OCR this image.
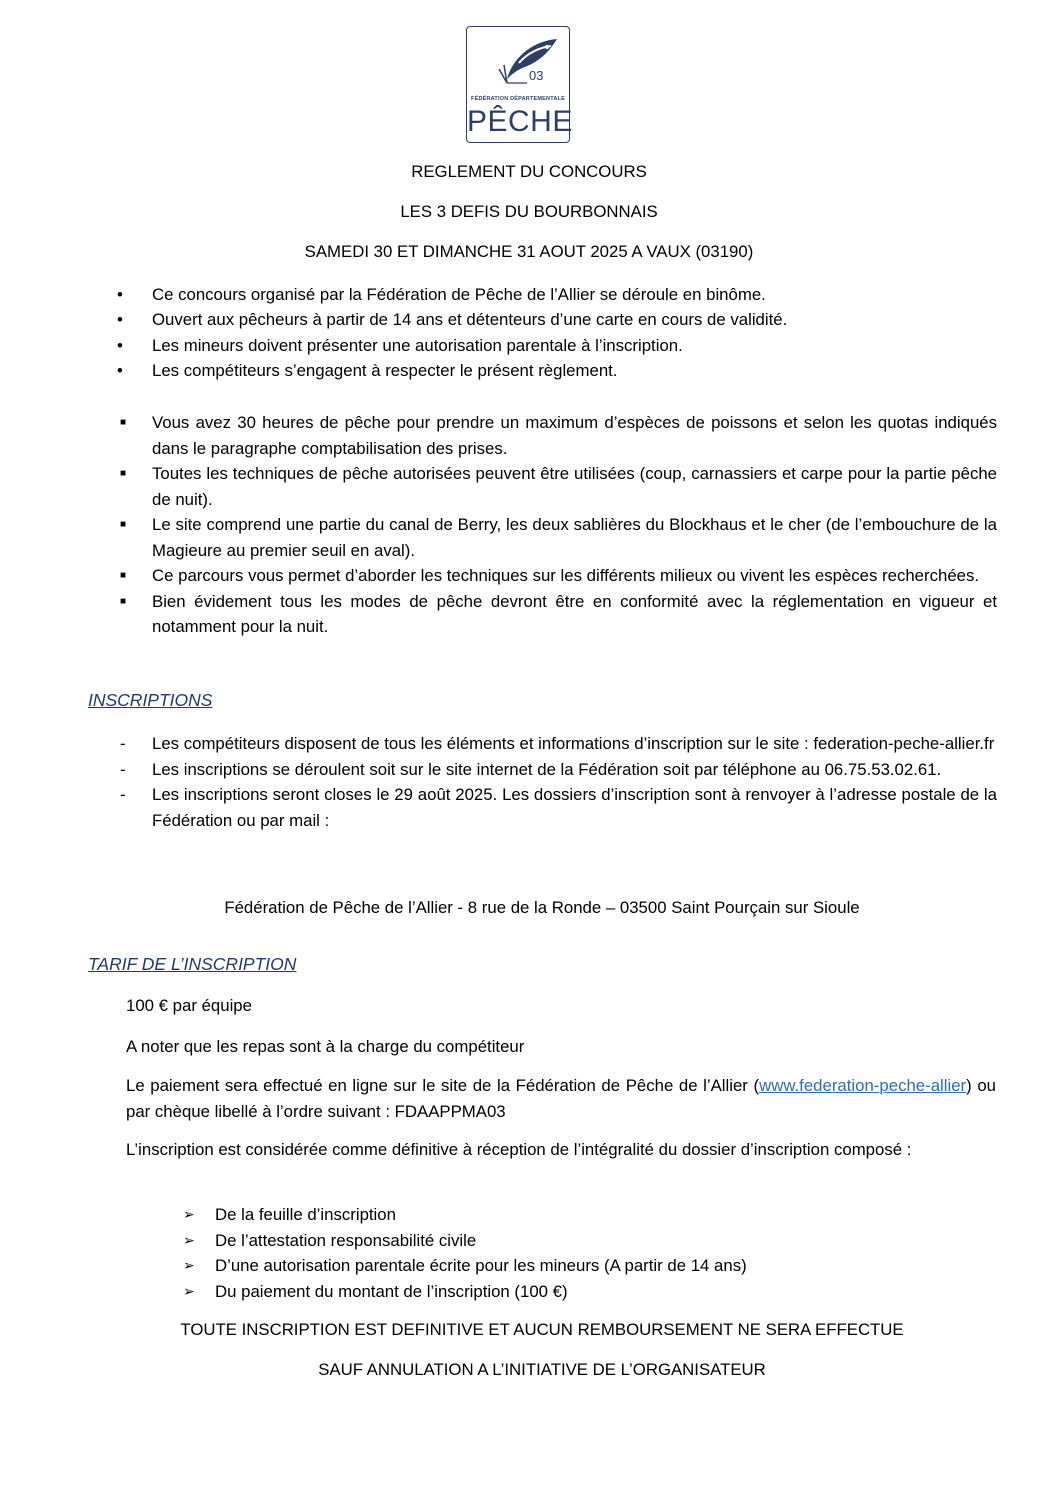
03
FÉDÉRATION DÉPARTEMENTALE
PÊCHE
REGLEMENT DU CONCOURS
LES 3 DEFIS DU BOURBONNAIS
SAMEDI 30 ET DIMANCHE 31 AOUT 2025 A VAUX (03190)
• Ce concours organisé par la Fédération de Pêche de l’Allier se déroule en binôme.
• Ouvert aux pêcheurs à partir de 14 ans et détenteurs d’une carte en cours de validité.
• Les mineurs doivent présenter une autorisation parentale à l’inscription.
• Les compétiteurs s’engagent à respecter le présent règlement.
■ Vous avez 30 heures de pêche pour prendre un maximum d’espèces de poissons et selon les quotas indiqués dans le paragraphe comptabilisation des prises.
■ Toutes les techniques de pêche autorisées peuvent être utilisées (coup, carnassiers et carpe pour la partie pêche de nuit).
■ Le site comprend une partie du canal de Berry, les deux sablières du Blockhaus et le cher (de l’embouchure de la Magieure au premier seuil en aval).
■ Ce parcours vous permet d’aborder les techniques sur les différents milieux ou vivent les espèces recherchées.
■ Bien évidement tous les modes de pêche devront être en conformité avec la réglementation en vigueur et notamment pour la nuit.
INSCRIPTIONS
- Les compétiteurs disposent de tous les éléments et informations d’inscription sur le site : federation-peche-allier.fr
- Les inscriptions se déroulent soit sur le site internet de la Fédération soit par téléphone au 06.75.53.02.61.
- Les inscriptions seront closes le 29 août 2025. Les dossiers d’inscription sont à renvoyer à l’adresse postale de la Fédération ou par mail :
Fédération de Pêche de l’Allier - 8 rue de la Ronde – 03500 Saint Pourçain sur Sioule
TARIF DE L’INSCRIPTION
100 € par équipe
A noter que les repas sont à la charge du compétiteur
Le paiement sera effectué en ligne sur le site de la Fédération de Pêche de l’Allier (www.federation-peche-allier) ou par chèque libellé à l’ordre suivant : FDAAPPMA03
L’inscription est considérée comme définitive à réception de l’intégralité du dossier d’inscription composé :
➢ De la feuille d’inscription
➢ De l’attestation responsabilité civile
➢ D’une autorisation parentale écrite pour les mineurs (A partir de 14 ans)
➢ Du paiement du montant de l’inscription (100 €)
TOUTE INSCRIPTION EST DEFINITIVE ET AUCUN REMBOURSEMENT NE SERA EFFECTUE
SAUF ANNULATION A L’INITIATIVE DE L’ORGANISATEUR
